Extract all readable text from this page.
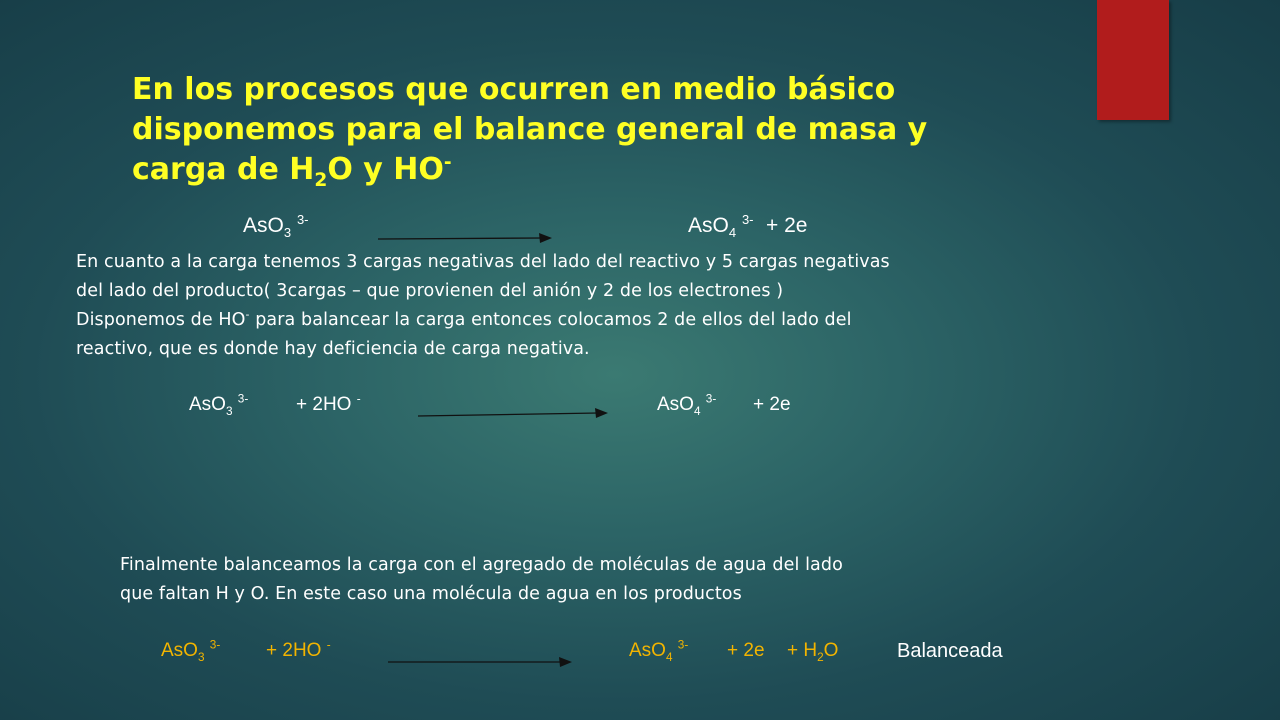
En los procesos que ocurren en medio básico
disponemos para el balance general de masa y
carga de $H_2O$ y HO-
AsO$_3$ $^{3-}$	AsO$_4$ $^{3-}$ + 2e
En cuanto a la carga tenemos 3 cargas negativas del lado del reactivo y 5 cargas negativas
del lado del producto( 3cargas – que provienen del anión y 2 de los electrones )
Disponemos de HO- para balancear la carga entonces colocamos 2 de ellos del lado del
reactivo, que es donde hay deficiencia de carga negativa.
AsO$_3$ $^{3-}$	+ 2HO -	AsO$_4$ $^{3-}$ + 2e
Finalmente balanceamos la carga con el agregado de moléculas de agua del lado
que faltan H y O. En este caso una molécula de agua en los productos
AsO$_3$ $^{3-}$ + 2HO -	AsO$_4$ $^{3-} + 2e + H_2O$	Balanceada
